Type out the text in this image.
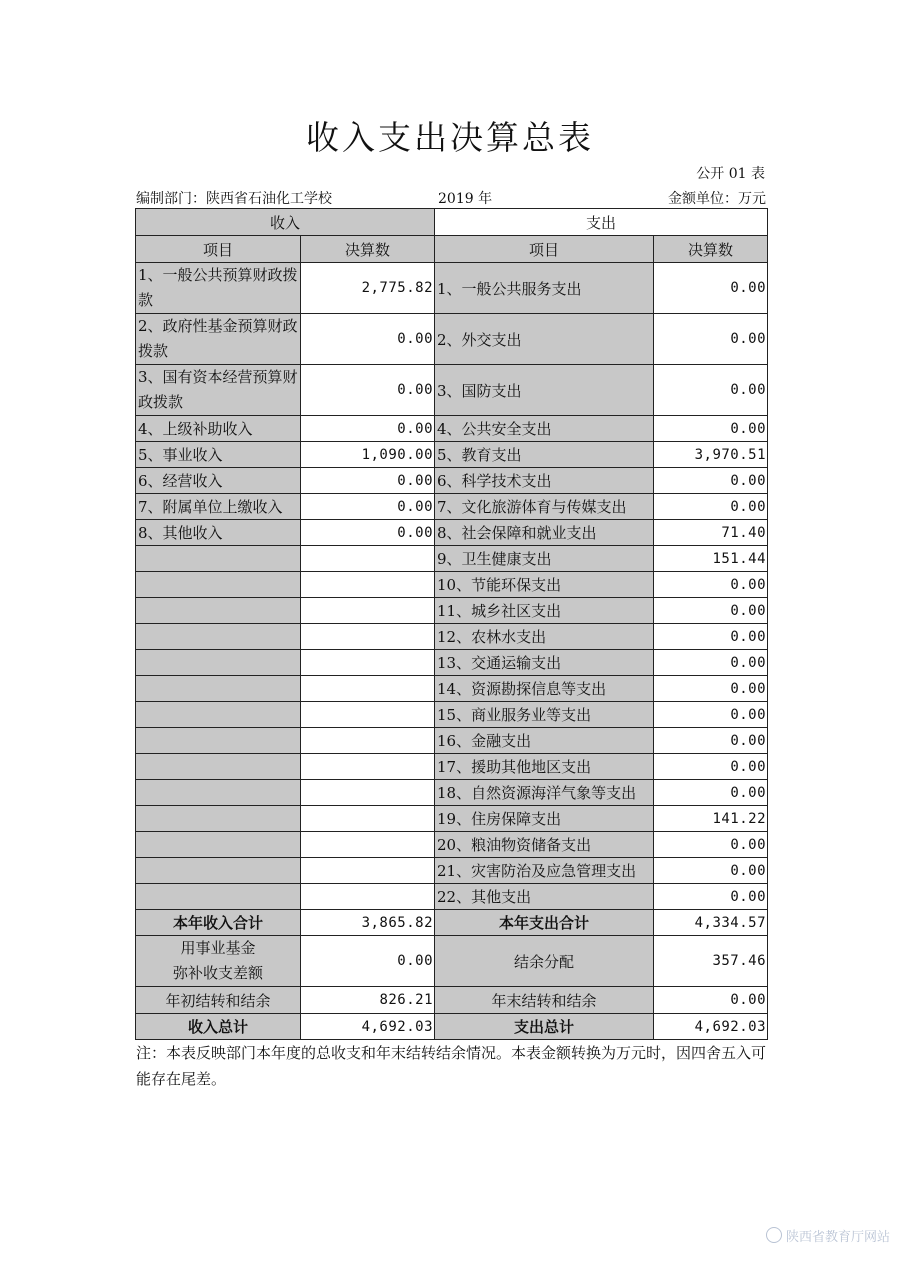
收入支出决算总表
公开 01 表
编制部门：陕西省石油化工学校	2019 年	金额单位：万元
收入		支出	
项目	决算数	项目	决算数
1、一般公共预算财政拨款	2,775.82	1、一般公共服务支出	0.00
2、政府性基金预算财政拨款	0.00	2、外交支出	0.00
3、国有资本经营预算财政拨款	0.00	3、国防支出	0.00
4、上级补助收入	0.00	4、公共安全支出	0.00
5、事业收入	1,090.00	5、教育支出	3,970.51
6、经营收入	0.00	6、科学技术支出	0.00
7、附属单位上缴收入	0.00	7、文化旅游体育与传媒支出	0.00
8、其他收入	0.00	8、社会保障和就业支出	71.40
		9、卫生健康支出	151.44
		10、节能环保支出	0.00
		11、城乡社区支出	0.00
		12、农林水支出	0.00
		13、交通运输支出	0.00
		14、资源勘探信息等支出	0.00
		15、商业服务业等支出	0.00
		16、金融支出	0.00
		17、援助其他地区支出	0.00
		18、自然资源海洋气象等支出	0.00
		19、住房保障支出	141.22
		20、粮油物资储备支出	0.00
		21、灾害防治及应急管理支出	0.00
		22、其他支出	0.00
本年收入合计	3,865.82	本年支出合计	4,334.57

用事业基金
弥补收支差额	0.00	结余分配	357.46
年初结转和结余	826.21	年末结转和结余	0.00
收入总计	4,692.03	支出总计	4,692.03
注：本表反映部门本年度的总收支和年末结转结余情况。本表金额转换为万元时，因四舍五入可能存在尾差。
陕西省教育厅网站
